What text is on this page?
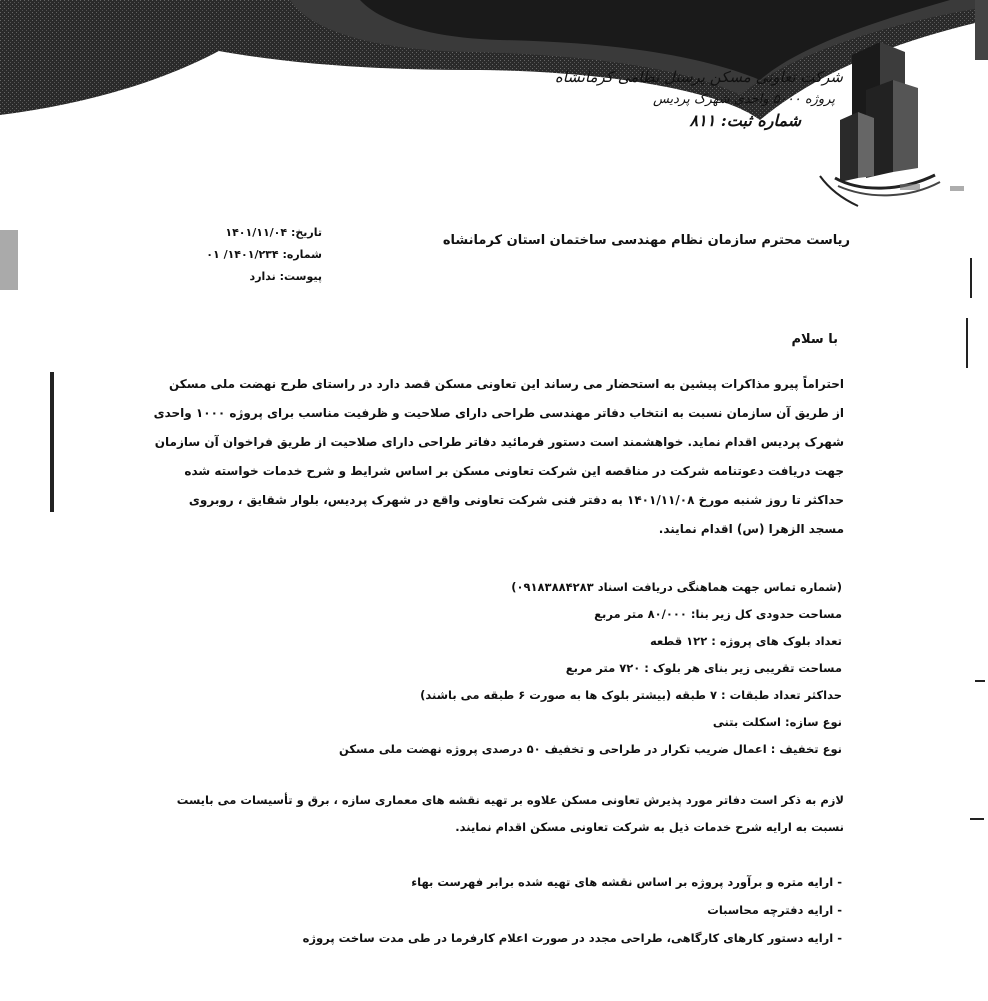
شرکت تعاونی مسکن پرسنل نظامی کرمانشاه
پروژه ۵۰۰۰ واحدی شهرک پردیس
شماره ثبت: ۸۱۱
تاریخ: ۱۴۰۱/۱۱/۰۴
شماره: ۱۴۰۱/۲۳۴/ ۰۱
پیوست: ندارد
ریاست محترم سازمان نظام مهندسی ساختمان استان کرمانشاه
با سلام
احتراماً پیرو مذاکرات پیشین به استحضار می رساند این تعاونی مسکن قصد دارد در راستای طرح نهضت ملی مسکن
از طریق آن سازمان نسبت به انتخاب دفاتر مهندسی طراحی دارای صلاحیت و ظرفیت مناسب برای پروژه ۱۰۰۰ واحدی
شهرک پردیس اقدام نماید. خواهشمند است دستور فرمائید دفاتر طراحی دارای صلاحیت از طریق فراخوان آن سازمان
جهت دریافت دعوتنامه شرکت در مناقصه این شرکت تعاونی مسکن بر اساس شرایط و شرح خدمات خواسته شده
حداکثر تا روز شنبه مورخ ۱۴۰۱/۱۱/۰۸ به دفتر فنی شرکت تعاونی واقع در شهرک پردیس، بلوار شقایق ، روبروی
مسجد الزهرا (س) اقدام نمایند.
(شماره تماس جهت هماهنگی دریافت اسناد ۰۹۱۸۳۸۸۴۲۸۳)
مساحت حدودی کل زیر بنا: ۸۰/۰۰۰ متر مربع
تعداد بلوک های پروژه : ۱۲۲ قطعه
مساحت تقریبی زیر بنای هر بلوک : ۷۲۰ متر مربع
حداکثر تعداد طبقات : ۷ طبقه (بیشتر بلوک ها به صورت ۶ طبقه می باشند)
نوع سازه: اسکلت بتنی
نوع تخفیف : اعمال ضریب تکرار در طراحی و تخفیف ۵۰ درصدی پروژه نهضت ملی مسکن
لازم به ذکر است دفاتر مورد پذیرش تعاونی مسکن علاوه بر تهیه نقشه های معماری سازه ، برق و تأسیسات می بایست
نسبت به ارایه شرح خدمات ذیل به شرکت تعاونی مسکن اقدام نمایند.
- ارایه متره و برآورد پروژه بر اساس نقشه های تهیه شده برابر فهرست بهاء
- ارایه دفترچه محاسبات
- ارایه دستور کارهای کارگاهی، طراحی مجدد در صورت اعلام کارفرما در طی مدت ساخت پروژه
